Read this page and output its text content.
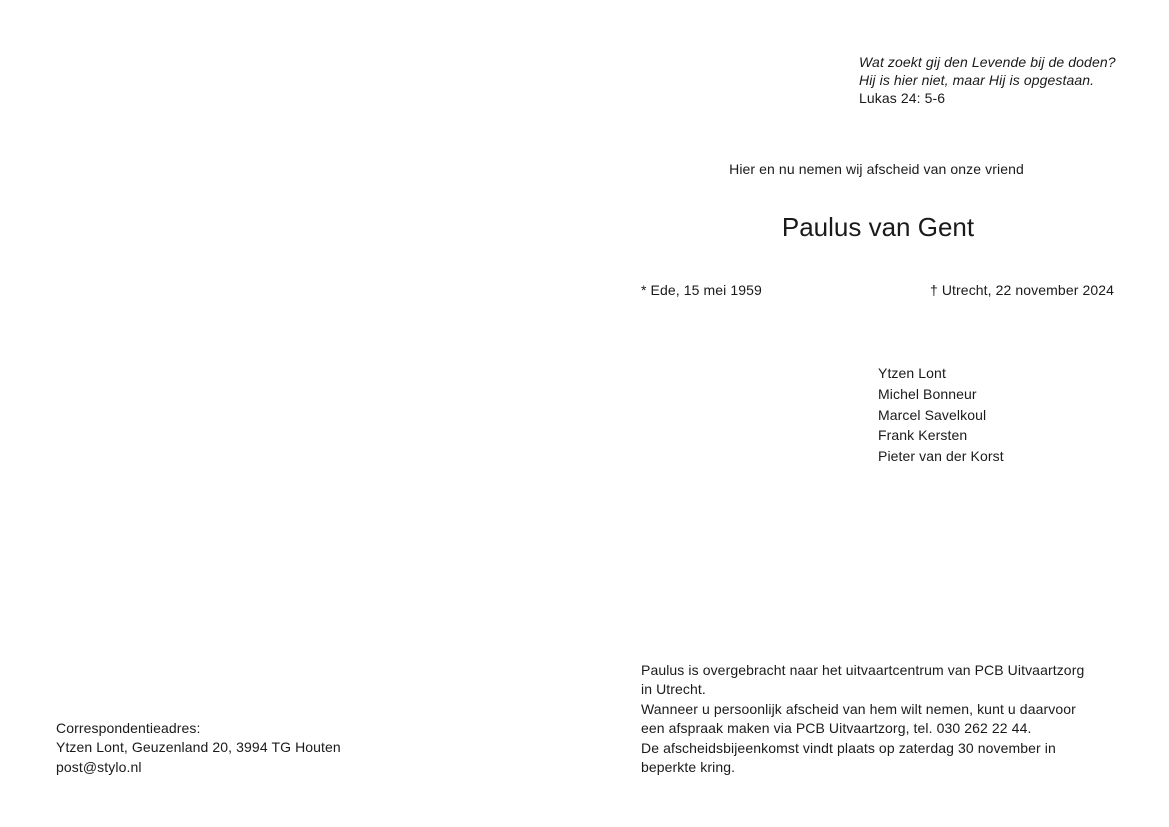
Wat zoekt gij den Levende bij de doden?
Hij is hier niet, maar Hij is opgestaan.
Lukas 24: 5-6
Hier en nu nemen wij afscheid van onze vriend
Paulus van Gent
* Ede, 15 mei 1959	† Utrecht, 22 november 2024
Ytzen Lont
Michel Bonneur
Marcel Savelkoul
Frank Kersten
Pieter van der Korst
Paulus is overgebracht naar het uitvaartcentrum van PCB Uitvaartzorg
in Utrecht.
Wanneer u persoonlijk afscheid van hem wilt nemen, kunt u daarvoor
een afspraak maken via PCB Uitvaartzorg, tel. 030 262 22 44.
De afscheidsbijeenkomst vindt plaats op zaterdag 30 november in
beperkte kring.
Correspondentieadres:
Ytzen Lont, Geuzenland 20, 3994 TG Houten
post@stylo.nl
